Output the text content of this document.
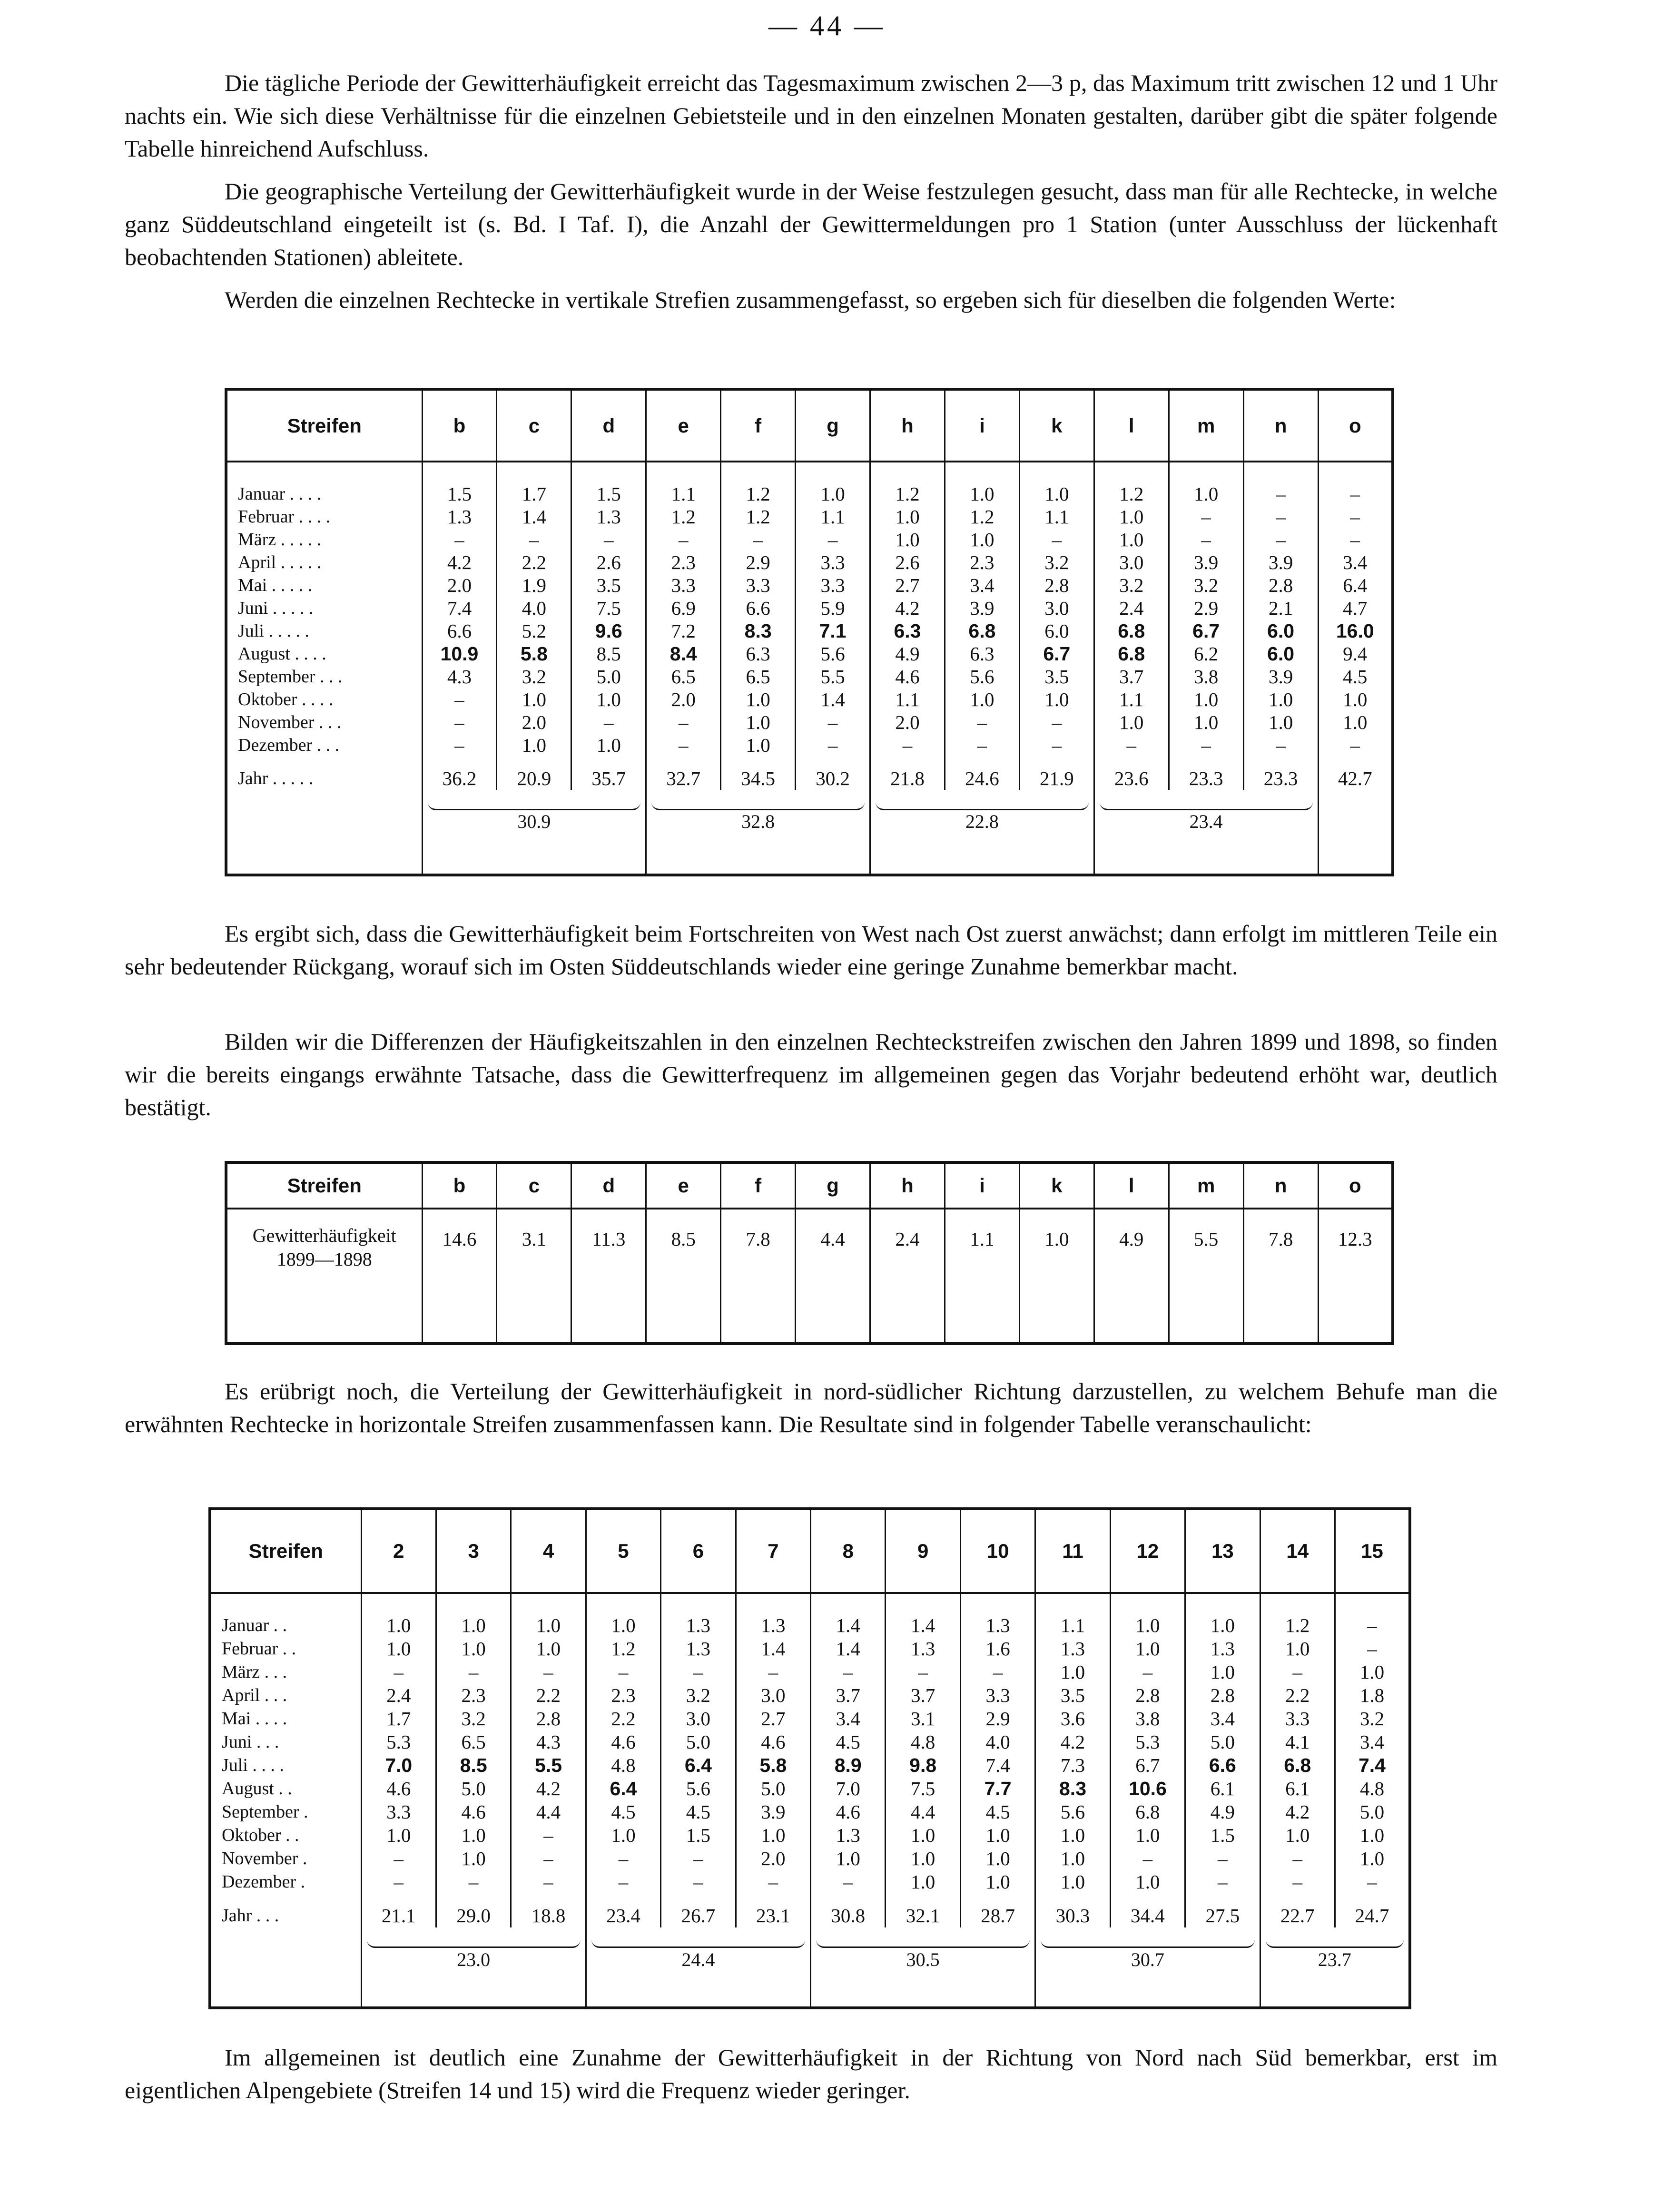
— 44 —

Die tägliche Periode der Gewitterhäufigkeit erreicht das Tagesmaximum zwischen 2—3 p, das Maximum tritt zwischen 12 und 1 Uhr nachts ein. Wie sich diese Verhältnisse für die einzelnen Gebietsteile und in den einzelnen Monaten gestalten, darüber gibt die später folgende Tabelle hinreichend Aufschluss.

Die geographische Verteilung der Gewitterhäufigkeit wurde in der Weise festzulegen gesucht, dass man für alle Rechtecke, in welche ganz Süddeutschland eingeteilt ist (s. Bd. I Taf. I), die Anzahl der Gewittermeldungen pro 1 Station (unter Ausschluss der lückenhaft beobachtenden Stationen) ableitete.

Werden die einzelnen Rechtecke in vertikale Strefien zusammengefasst, so ergeben sich für dieselben die folgenden Werte:

Streifen	b	c	d	e	f	g	h	i	k	l	m	n	o

Januar . . . .	1.5	1.7	1.5	1.1	1.2	1.0	1.2	1.0	1.0	1.2	1.0	–	–
Februar . . . .	1.3	1.4	1.3	1.2	1.2	1.1	1.0	1.2	1.1	1.0	–	–	–
März . . . . .	–	–	–	–	–	–	1.0	1.0	–	1.0	–	–	–
April . . . . .	4.2	2.2	2.6	2.3	2.9	3.3	2.6	2.3	3.2	3.0	3.9	3.9	3.4
Mai . . . . .	2.0	1.9	3.5	3.3	3.3	3.3	2.7	3.4	2.8	3.2	3.2	2.8	6.4
Juni . . . . .	7.4	4.0	7.5	6.9	6.6	5.9	4.2	3.9	3.0	2.4	2.9	2.1	4.7
Juli . . . . .	6.6	5.2	9.6	7.2	8.3	7.1	6.3	6.8	6.0	6.8	6.7	6.0	16.0
August . . . .	10.9	5.8	8.5	8.4	6.3	5.6	4.9	6.3	6.7	6.8	6.2	6.0	9.4
September . . .	4.3	3.2	5.0	6.5	6.5	5.5	4.6	5.6	3.5	3.7	3.8	3.9	4.5
Oktober . . . .	–	1.0	1.0	2.0	1.0	1.4	1.1	1.0	1.0	1.1	1.0	1.0	1.0
November . . .	–	2.0	–	–	1.0	–	2.0	–	–	1.0	1.0	1.0	1.0
Dezember . . .	–	1.0	1.0	–	1.0	–	–	–	–	–	–	–	–
Jahr . . . . .	36.2	20.9	35.7	32.7	34.5	30.2	21.8	24.6	21.9	23.6	23.3	23.3	42.7

	30.9			32.8			22.8			23.4			

Es ergibt sich, dass die Gewitterhäufigkeit beim Fortschreiten von West nach Ost zuerst anwächst; dann erfolgt im mittleren Teile ein sehr bedeutender Rückgang, worauf sich im Osten Süddeutschlands wieder eine geringe Zunahme bemerkbar macht.

Bilden wir die Differenzen der Häufigkeitszahlen in den einzelnen Rechteckstreifen zwischen den Jahren 1899 und 1898, so finden wir die bereits eingangs erwähnte Tatsache, dass die Gewitterfrequenz im allgemeinen gegen das Vorjahr bedeutend erhöht war, deutlich bestätigt.

Streifen	b	c	d	e	f	g	h	i	k	l	m	n	o

Gewitterhäufigkeit
1899—1898	14.6	3.1	11.3	8.5	7.8	4.4	2.4	1.1	1.0	4.9	5.5	7.8	12.3

Es erübrigt noch, die Verteilung der Gewitterhäufigkeit in nord-südlicher Richtung darzustellen, zu welchem Behufe man die erwähnten Rechtecke in horizontale Streifen zusammenfassen kann. Die Resultate sind in folgender Tabelle veranschaulicht:

Streifen	2	3	4	5	6	7	8	9	10	11	12	13	14	15

Januar . .	1.0	1.0	1.0	1.0	1.3	1.3	1.4	1.4	1.3	1.1	1.0	1.0	1.2	–
Februar . .	1.0	1.0	1.0	1.2	1.3	1.4	1.4	1.3	1.6	1.3	1.0	1.3	1.0	–
März . . .	–	–	–	–	–	–	–	–	–	1.0	–	1.0	–	1.0
April . . .	2.4	2.3	2.2	2.3	3.2	3.0	3.7	3.7	3.3	3.5	2.8	2.8	2.2	1.8
Mai . . . .	1.7	3.2	2.8	2.2	3.0	2.7	3.4	3.1	2.9	3.6	3.8	3.4	3.3	3.2
Juni . . .	5.3	6.5	4.3	4.6	5.0	4.6	4.5	4.8	4.0	4.2	5.3	5.0	4.1	3.4
Juli . . . .	7.0	8.5	5.5	4.8	6.4	5.8	8.9	9.8	7.4	7.3	6.7	6.6	6.8	7.4
August . .	4.6	5.0	4.2	6.4	5.6	5.0	7.0	7.5	7.7	8.3	10.6	6.1	6.1	4.8
September .	3.3	4.6	4.4	4.5	4.5	3.9	4.6	4.4	4.5	5.6	6.8	4.9	4.2	5.0
Oktober . .	1.0	1.0	–	1.0	1.5	1.0	1.3	1.0	1.0	1.0	1.0	1.5	1.0	1.0
November .	–	1.0	–	–	–	2.0	1.0	1.0	1.0	1.0	–	–	–	1.0
Dezember .	–	–	–	–	–	–	–	1.0	1.0	1.0	1.0	–	–	–
Jahr . . .	21.1	29.0	18.8	23.4	26.7	23.1	30.8	32.1	28.7	30.3	34.4	27.5	22.7	24.7

	23.0			24.4			30.5			30.7			23.7	

Im allgemeinen ist deutlich eine Zunahme der Gewitterhäufigkeit in der Richtung von Nord nach Süd bemerkbar, erst im eigentlichen Alpengebiete (Streifen 14 und 15) wird die Frequenz wieder geringer.
